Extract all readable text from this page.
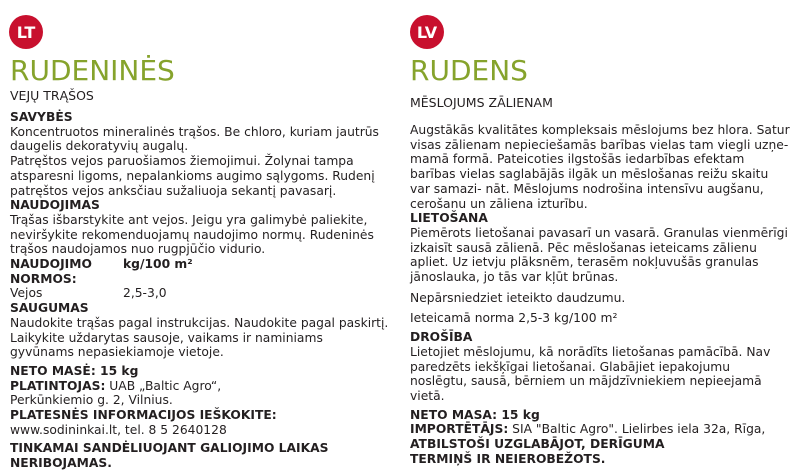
LT
RUDENINĖS
VEJŲ TRĄŠOS

SAVYBĖS

Koncentruotos mineralinės trąšos. Be chloro, kuriam jautrūs daugelis dekoratyvių augalų.

Patręštos vejos paruošiamos žiemojimui. Žolynai tampa atsparesni ligoms, nepalankioms augimo sąlygoms. Rudenį patręštos vejos anksčiau sužaliuoja sekantį pavasarį.

NAUDOJIMAS

Trąšas išbarstykite ant vejos. Jeigu yra galimybė paliekite, neviršykite rekomenduojamų naudojimo normų. Rudeninės trąšos naudojamos nuo rugpjūčio vidurio.

NAUDOJIMO NORMOS:
kg/100 m²
Vejos	2,5-3,0

SAUGUMAS

Naudokite trąšas pagal instrukcijas. Naudokite pagal paskirtį. Laikykite uždarytas sausoje, vaikams ir naminiams gyvūnams nepasiekiamoje vietoje.

NETO MASĖ: 15 kg

PLATINTOJAS: UAB „Baltic Agro“,

Perkūnkiemio g. 2, Vilnius.

PLATESNĖS INFORMACIJOS IEŠKOKITE:

www.sodininkai.lt, tel. 8 5 2640128

TINKAMAI SANDĖLIUOJANT GALIOJIMO LAIKAS NERIBOJAMAS.

LV
RUDENS
MĒSLOJUMS ZĀLIENAM

Augstākās kvalitātes kompleksais mēslojums bez hlora. Satur visas zālienam nepieciešamās barības vielas tam viegli uzņe- mamā formā. Pateicoties ilgstošās iedarbības efektam barības vielas saglabājās ilgāk un mēslošanas reižu skaitu var samazi- nāt. Mēslojums nodrošina intensīvu augšanu, cerošanu un zāliena izturību.

LIETOŠANA

Piemērots lietošanai pavasarī un vasarā. Granulas vienmērīgi izkaisīt sausā zālienā. Pēc mēslošanas ieteicams zālienu apliet. Uz ietvju plāksnēm, terasēm nokļuvušās granulas jānoslauka, jo tās var kļūt brūnas.

Nepārsniedziet ieteikto daudzumu.

Ieteicamā norma 2,5-3 kg/100 m²

DROŠĪBA

Lietojiet mēslojumu, kā norādīts lietošanas pamācībā. Nav paredzēts iekšķīgai lietošanai. Glabājiet iepakojumu noslēgtu, sausā, bērniem un mājdzīvniekiem nepieejamā vietā.

NETO MASA: 15 kg

IMPORTĒTĀJS: SIA "Baltic Agro". Lielirbes iela 32a, Rīga,

ATBILSTOŠI UZGLABĀJOT, DERĪGUMA TERMIŅŠ IR NEIEROBEŽOTS.
